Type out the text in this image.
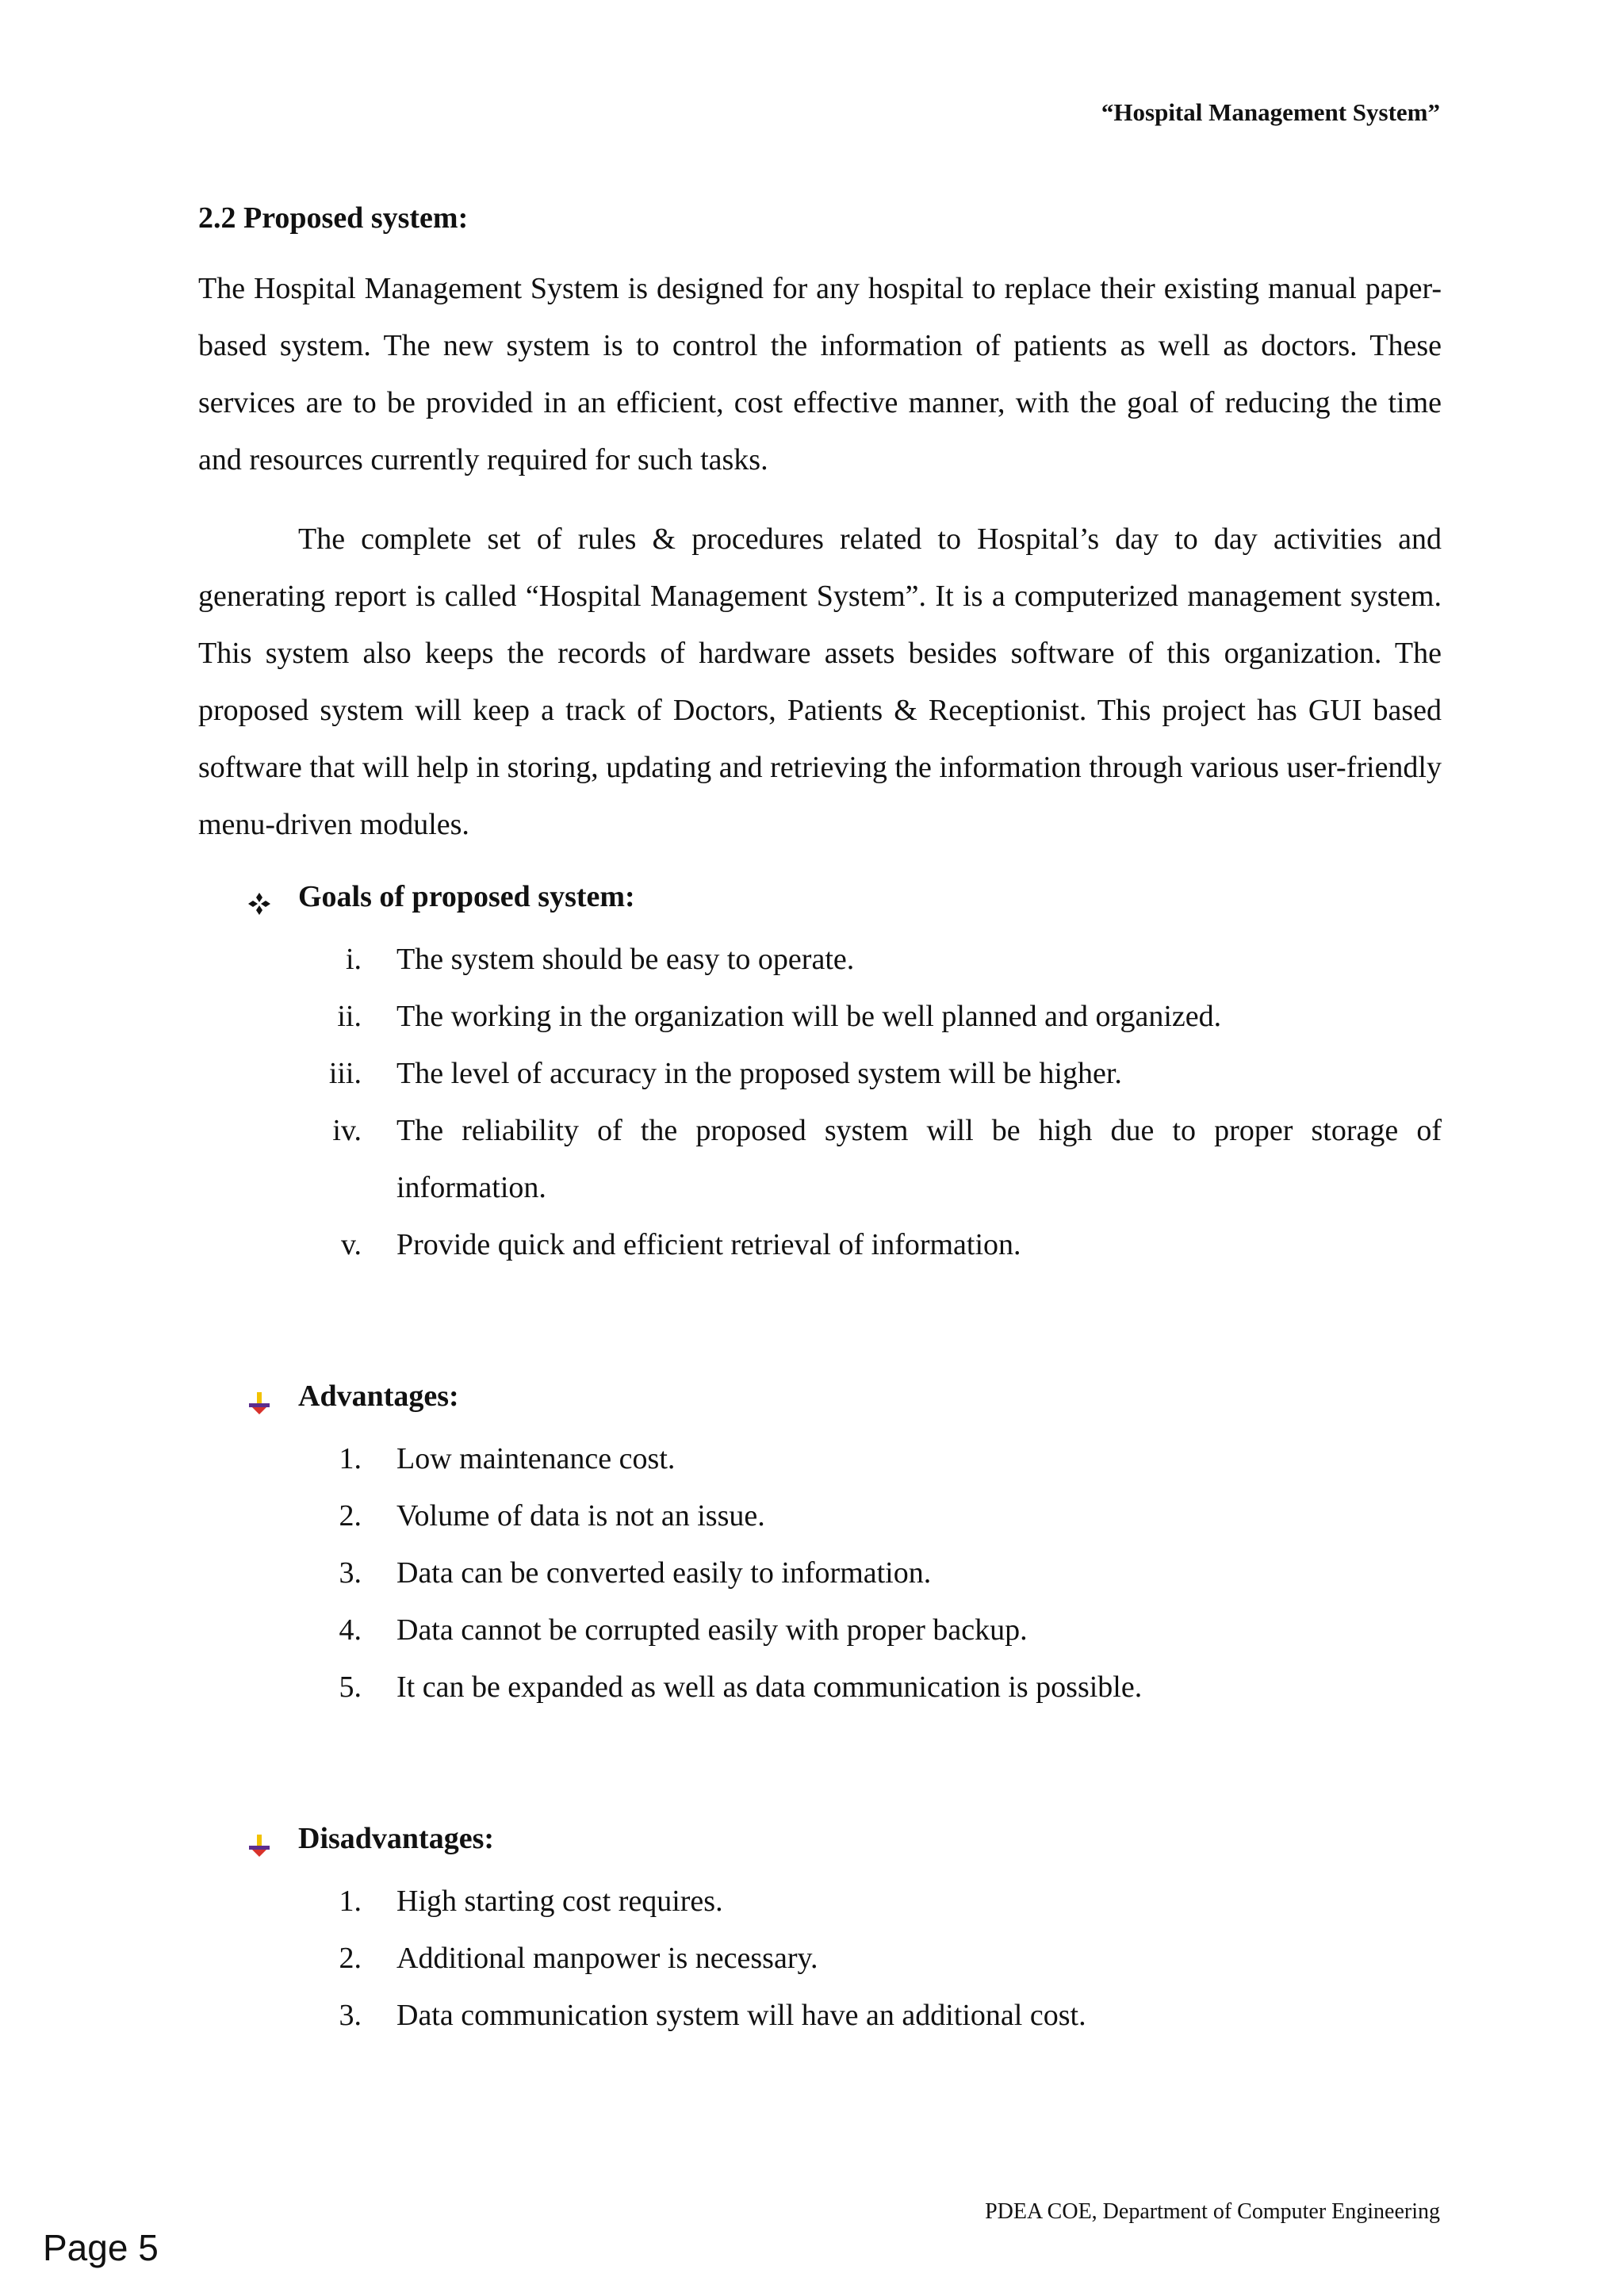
“Hospital Management System”
2.2 Proposed system:

The Hospital Management System is designed for any hospital to replace their existing manual paper-based system. The new system is to control the information of patients as well as doctors. These services are to be provided in an efficient, cost effective manner, with the goal of reducing the time and resources currently required for such tasks.

The complete set of rules & procedures related to Hospital’s day to day activities and generating report is called “Hospital Management System”. It is a computerized management system. This system also keeps the records of hardware assets besides software of this organization. The proposed system will keep a track of Doctors, Patients & Receptionist. This project has GUI based software that will help in storing, updating and retrieving the information through various user-friendly menu-driven modules.

Goals of proposed system:
i. The system should be easy to operate.
ii. The working in the organization will be well planned and organized.
iii. The level of accuracy in the proposed system will be higher.
iv. The reliability of the proposed system will be high due to proper storage of information.
v. Provide quick and efficient retrieval of information.
Advantages:
1. Low maintenance cost.
2. Volume of data is not an issue.
3. Data can be converted easily to information.
4. Data cannot be corrupted easily with proper backup.
5. It can be expanded as well as data communication is possible.
Disadvantages:
1. High starting cost requires.
2. Additional manpower is necessary.
3. Data communication system will have an additional cost.
PDEA COE, Department of Computer Engineering
Page 5
